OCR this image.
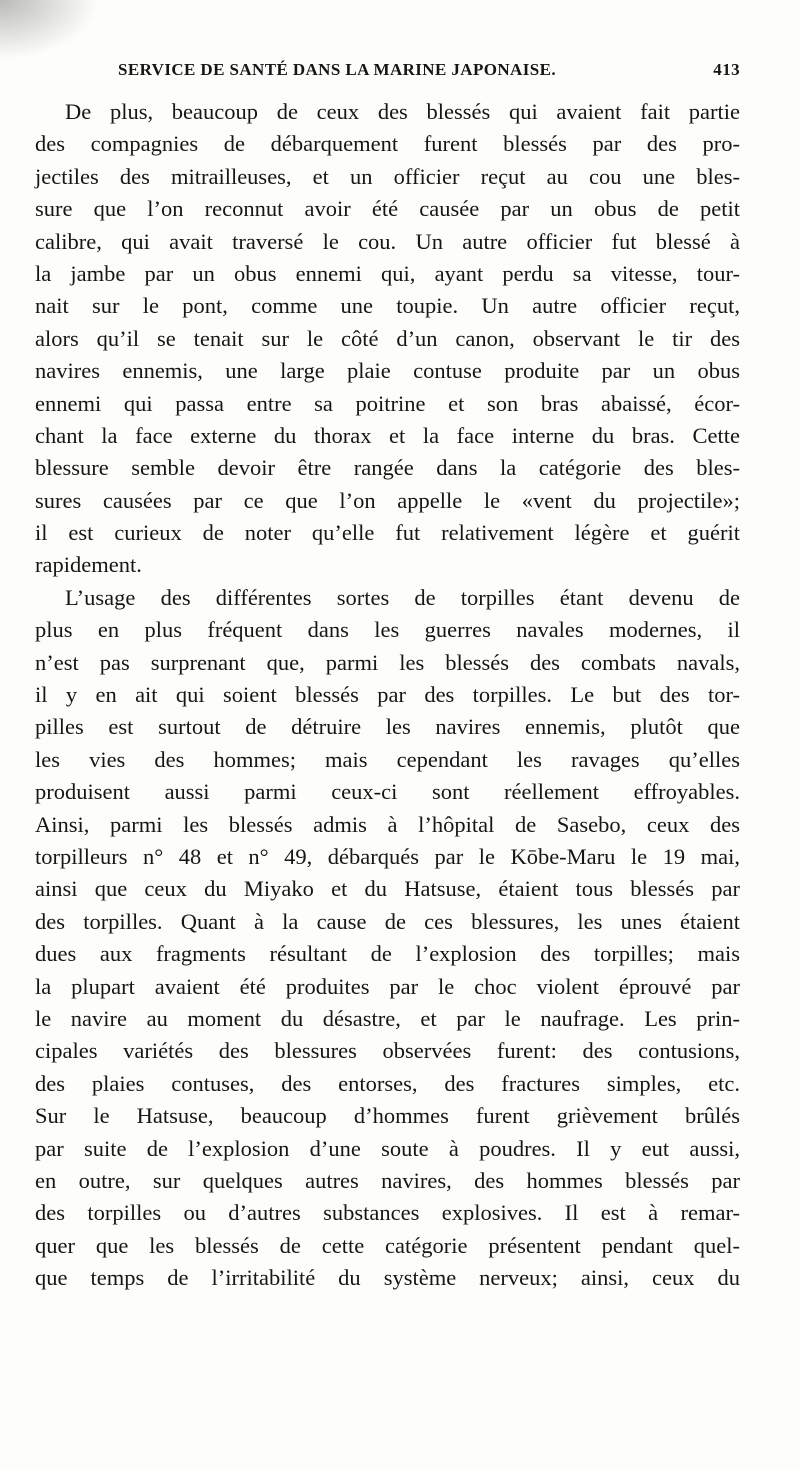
SERVICE DE SANTÉ DANS LA MARINE JAPONAISE.	413
De plus, beaucoup de ceux des blessés qui avaient fait partie
des compagnies de débarquement furent blessés par des pro-
jectiles des mitrailleuses, et un officier reçut au cou une bles-
sure que l’on reconnut avoir été causée par un obus de petit
calibre, qui avait traversé le cou. Un autre officier fut blessé à
la jambe par un obus ennemi qui, ayant perdu sa vitesse, tour-
nait sur le pont, comme une toupie. Un autre officier reçut,
alors qu’il se tenait sur le côté d’un canon, observant le tir des
navires ennemis, une large plaie contuse produite par un obus
ennemi qui passa entre sa poitrine et son bras abaissé, écor-
chant la face externe du thorax et la face interne du bras. Cette
blessure semble devoir être rangée dans la catégorie des bles-
sures causées par ce que l’on appelle le «vent du projectile»;
il est curieux de noter qu’elle fut relativement légère et guérit
rapidement.
L’usage des différentes sortes de torpilles étant devenu de
plus en plus fréquent dans les guerres navales modernes, il
n’est pas surprenant que, parmi les blessés des combats navals,
il y en ait qui soient blessés par des torpilles. Le but des tor-
pilles est surtout de détruire les navires ennemis, plutôt que
les vies des hommes; mais cependant les ravages qu’elles
produisent aussi parmi ceux-ci sont réellement effroyables.
Ainsi, parmi les blessés admis à l’hôpital de Sasebo, ceux des
torpilleurs n° 48 et n° 49, débarqués par le Kōbe-Maru le 19 mai,
ainsi que ceux du Miyako et du Hatsuse, étaient tous blessés par
des torpilles. Quant à la cause de ces blessures, les unes étaient
dues aux fragments résultant de l’explosion des torpilles; mais
la plupart avaient été produites par le choc violent éprouvé par
le navire au moment du désastre, et par le naufrage. Les prin-
cipales variétés des blessures observées furent: des contusions,
des plaies contuses, des entorses, des fractures simples, etc.
Sur le Hatsuse, beaucoup d’hommes furent grièvement brûlés
par suite de l’explosion d’une soute à poudres. Il y eut aussi,
en outre, sur quelques autres navires, des hommes blessés par
des torpilles ou d’autres substances explosives. Il est à remar-
quer que les blessés de cette catégorie présentent pendant quel-
que temps de l’irritabilité du système nerveux; ainsi, ceux du
